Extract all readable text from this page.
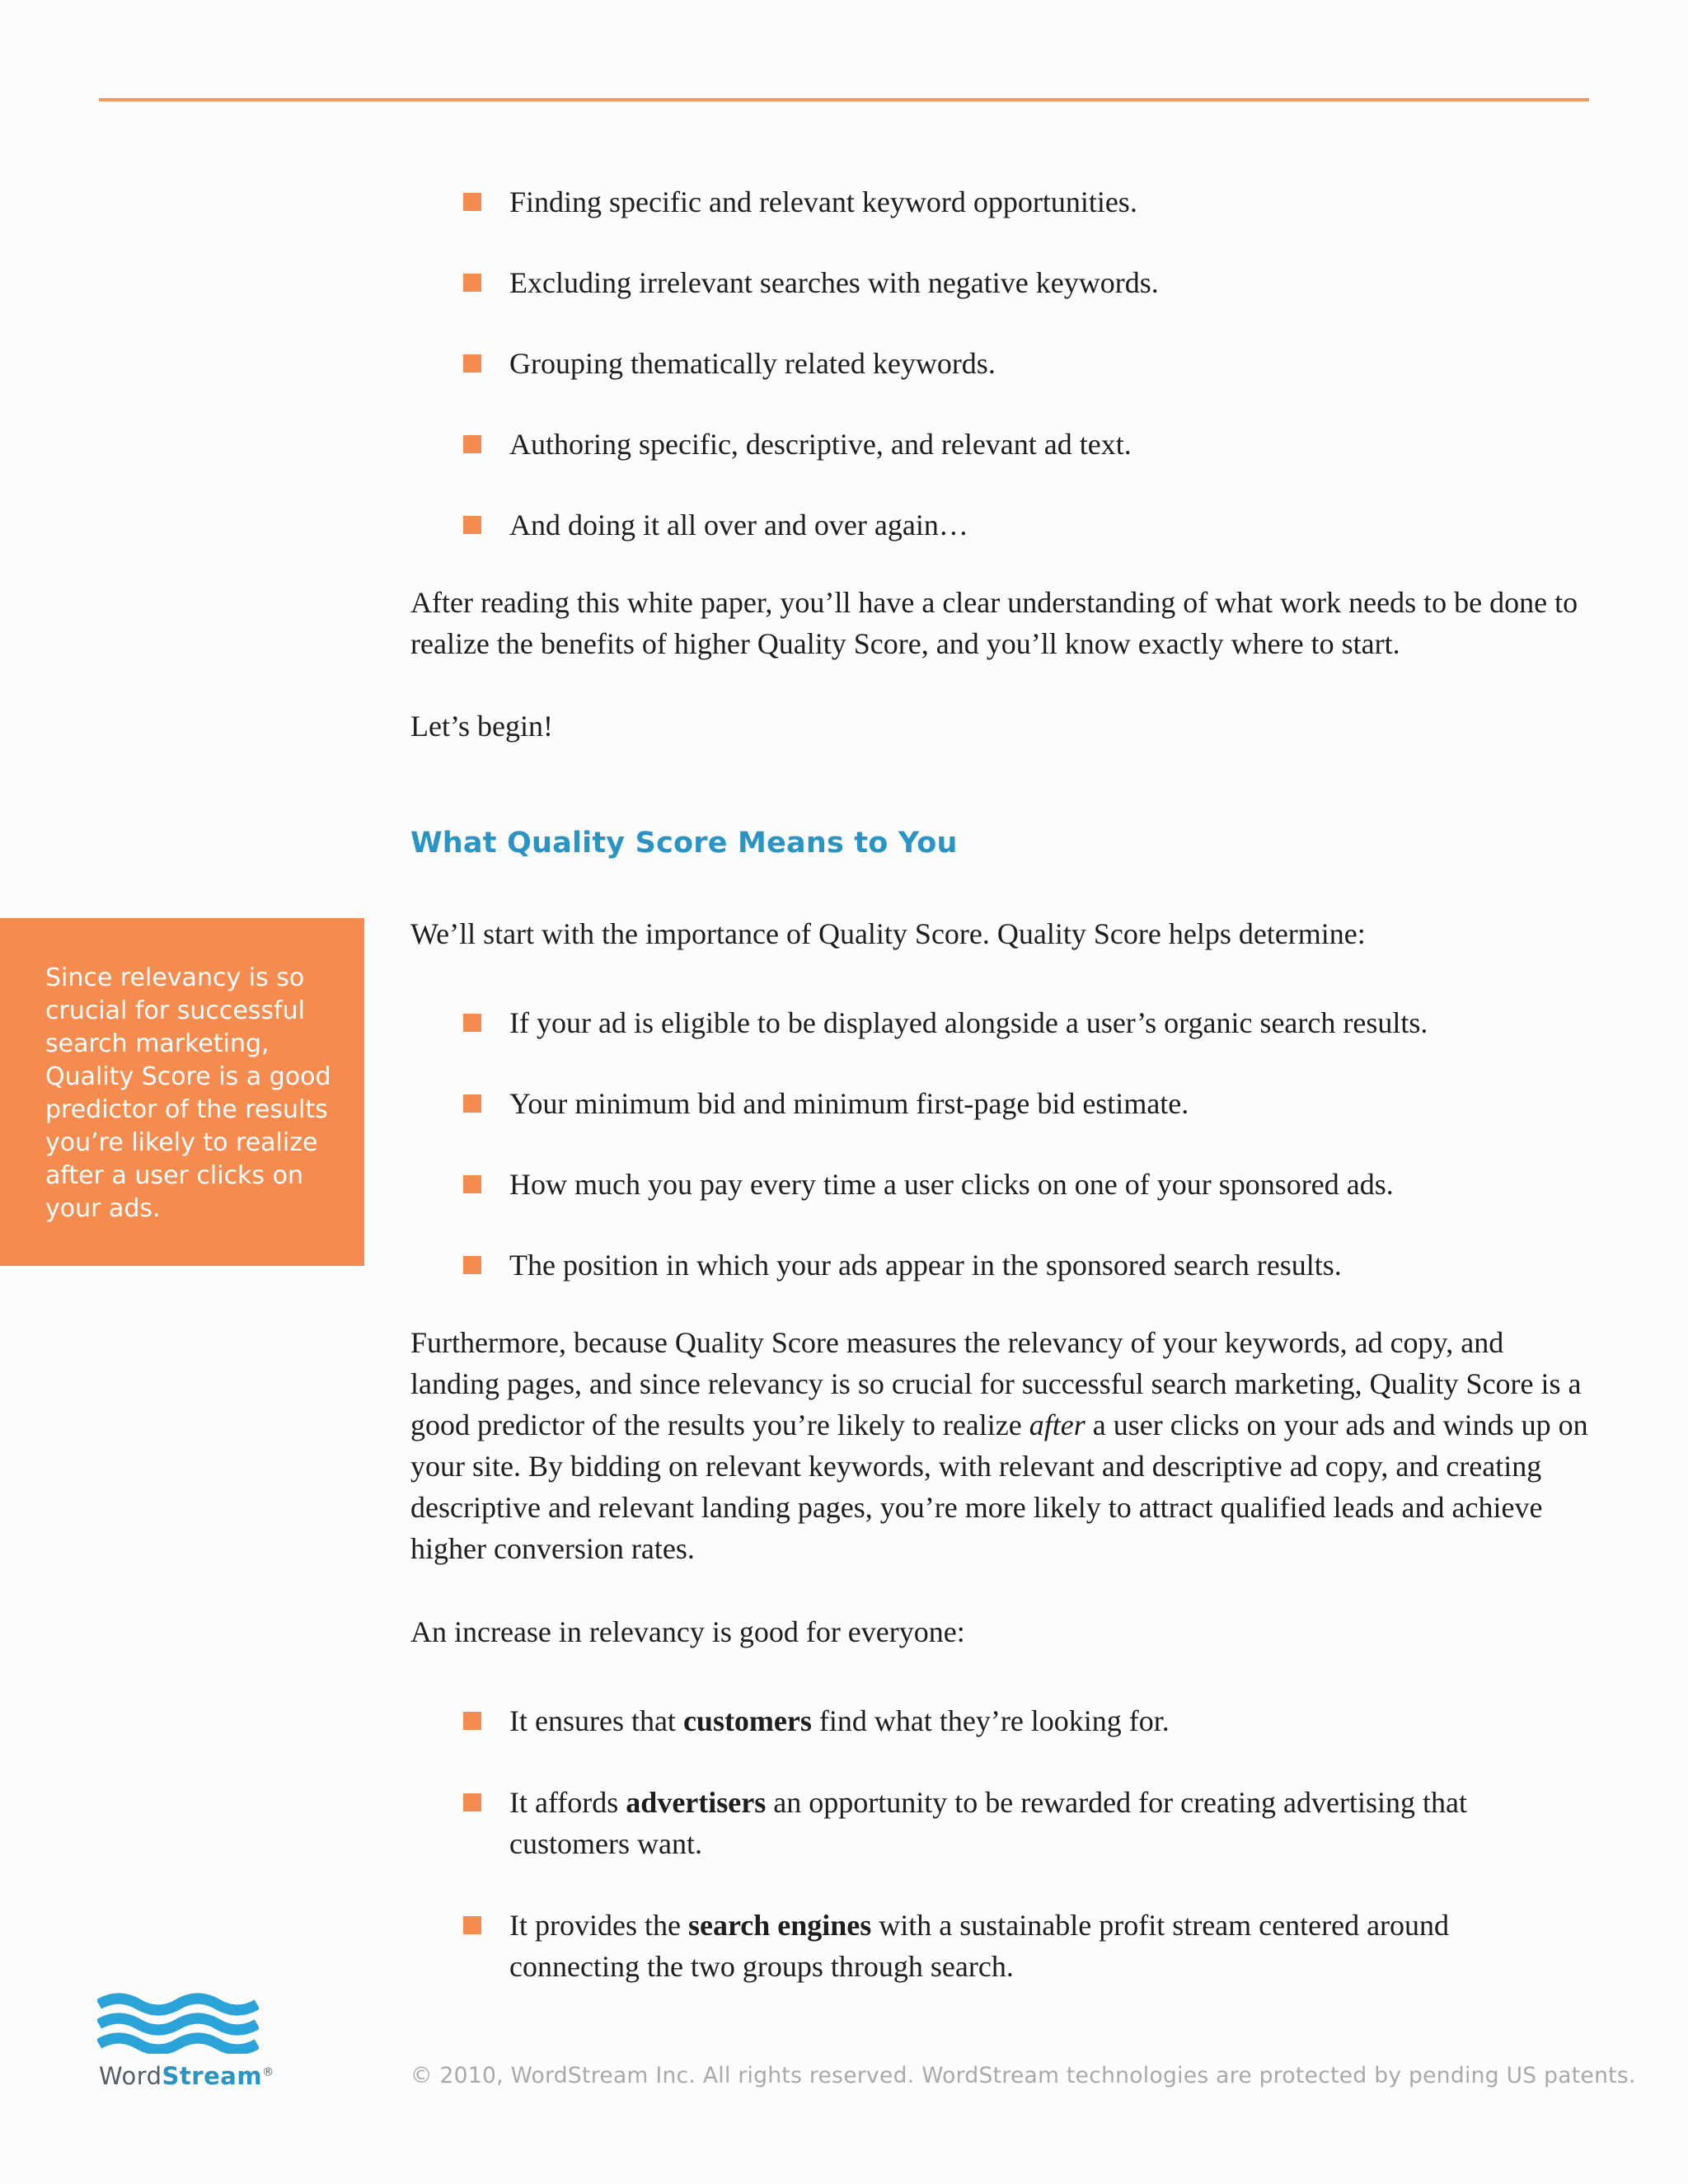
Finding specific and relevant keyword opportunities.
Excluding irrelevant searches with negative keywords.
Grouping thematically related keywords.
Authoring specific, descriptive, and relevant ad text.
And doing it all over and over again…

After reading this white paper, you’ll have a clear understanding of what work needs to be done to realize the benefits of higher Quality Score, and you’ll know exactly where to start.

Let’s begin!

What Quality Score Means to You
Since relevancy is so crucial for successful search marketing, Quality Score is a good predictor of the results you’re likely to realize after a user clicks on your ads.

We’ll start with the importance of Quality Score. Quality Score helps determine:

If your ad is eligible to be displayed alongside a user’s organic search results.
Your minimum bid and minimum first-page bid estimate.
How much you pay every time a user clicks on one of your sponsored ads.
The position in which your ads appear in the sponsored search results.

Furthermore, because Quality Score measures the relevancy of your keywords, ad copy, and landing pages, and since relevancy is so crucial for successful search marketing, Quality Score is a good predictor of the results you’re likely to realize after a user clicks on your ads and winds up on your site. By bidding on relevant keywords, with relevant and descriptive ad copy, and creating descriptive and relevant landing pages, you’re more likely to attract qualified leads and achieve higher conversion rates.

An increase in relevancy is good for everyone:

It ensures that customers find what they’re looking for.
It affords advertisers an opportunity to be rewarded for creating advertising that customers want.
It provides the search engines with a sustainable profit stream centered around connecting the two groups through search.
WordStream®	© 2010, WordStream Inc. All rights reserved. WordStream technologies are protected by pending US patents.
